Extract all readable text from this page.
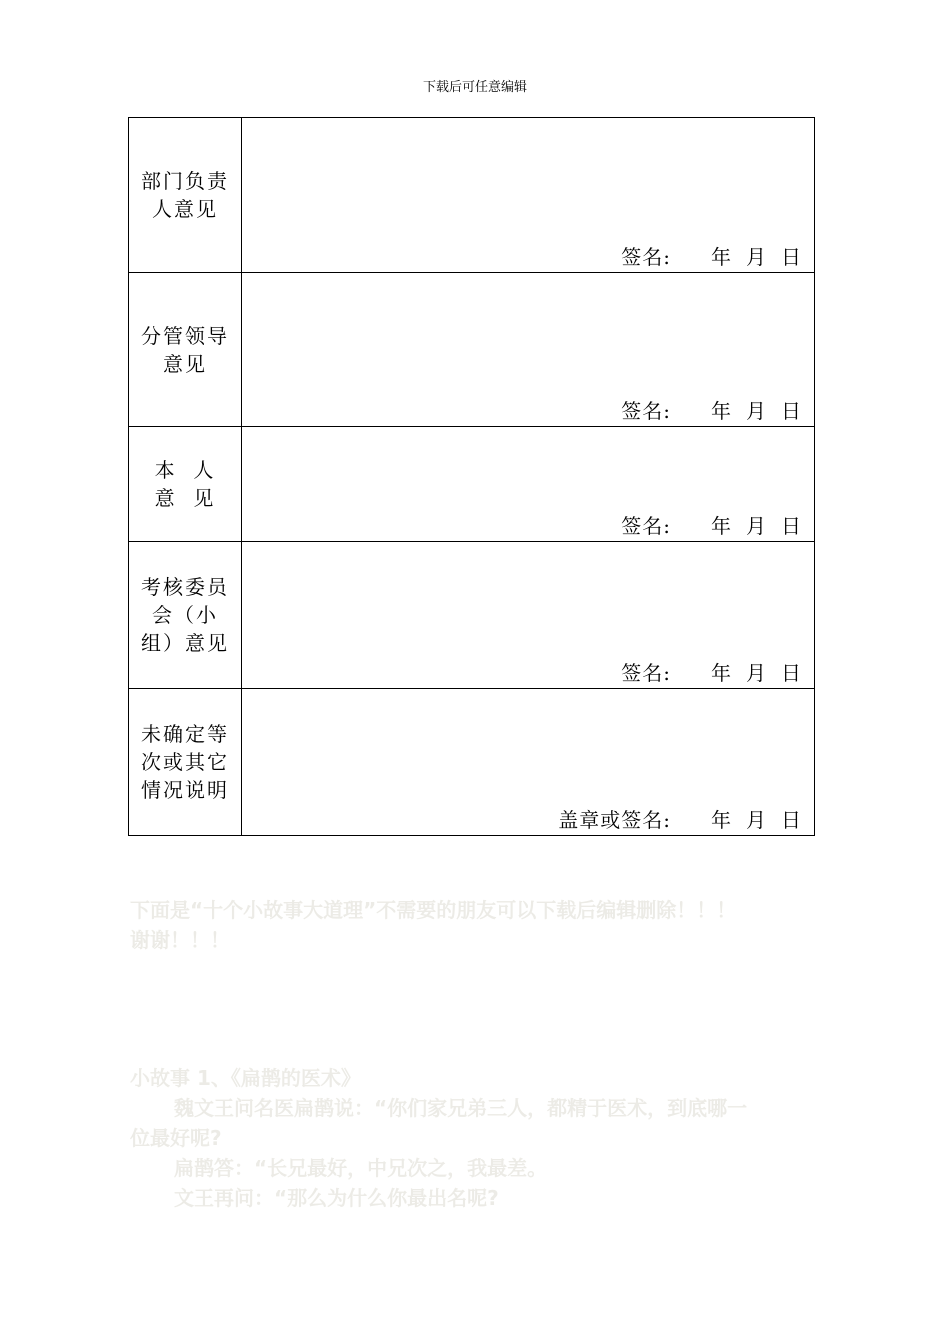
下载后可任意编辑
部门负责
人意见	签名: 年 月 日

分管领导
意见	签名: 年 月 日

本  人
意  见	签名: 年 月 日

考核委员
会（小
组）意见	签名: 年 月 日

未确定等
次或其它
情况说明	盖章或签名: 年 月 日
下面是“十个小故事大道理”不需要的朋友可以下载后编辑删除！！！
谢谢！！！
小故事 1、《扁鹊的医术》
魏文王问名医扁鹊说：“你们家兄弟三人，都精于医术，到底哪一
位最好呢?
扁鹊答：“长兄最好，中兄次之，我最差。
文王再问：“那么为什么你最出名呢?
